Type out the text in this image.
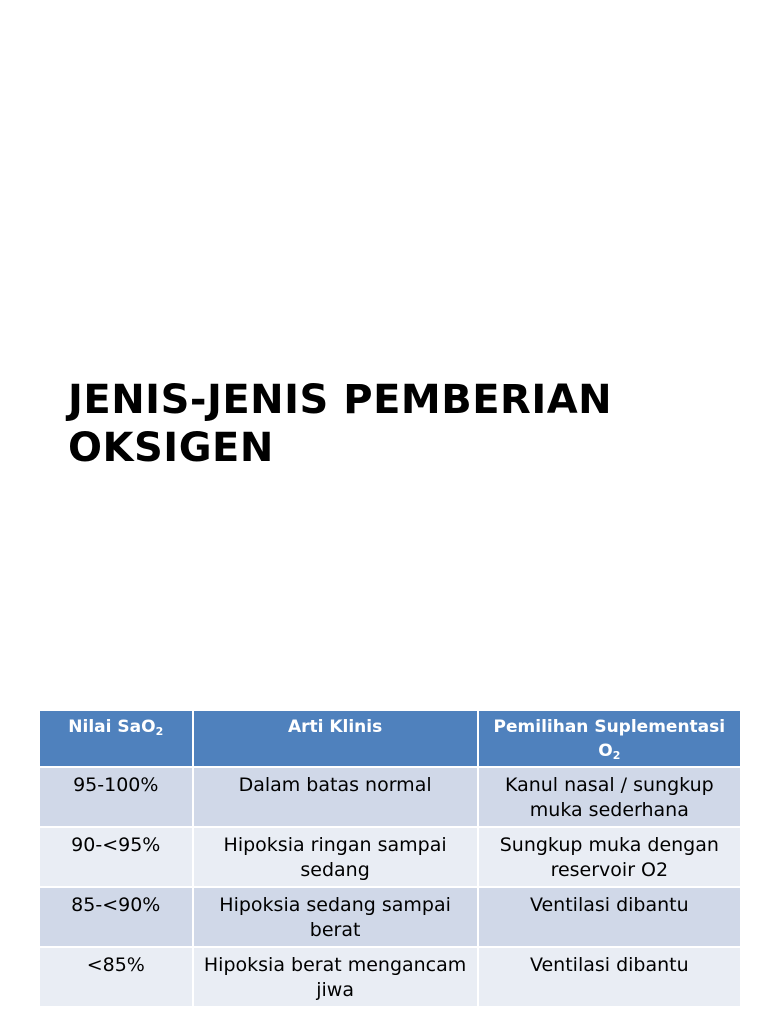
JENIS-JENIS PEMBERIAN
OKSIGEN
Nilai SaO$_2$	Arti Klinis	Pemilihan Suplementasi $O_2$
95-100%	Dalam batas normal	Kanul nasal / sungkup muka sederhana
90-<95%	Hipoksia ringan sampai sedang	Sungkup muka dengan reservoir O2
85-<90%	Hipoksia sedang sampai berat	Ventilasi dibantu
<85%	Hipoksia berat mengancam jiwa	Ventilasi dibantu
